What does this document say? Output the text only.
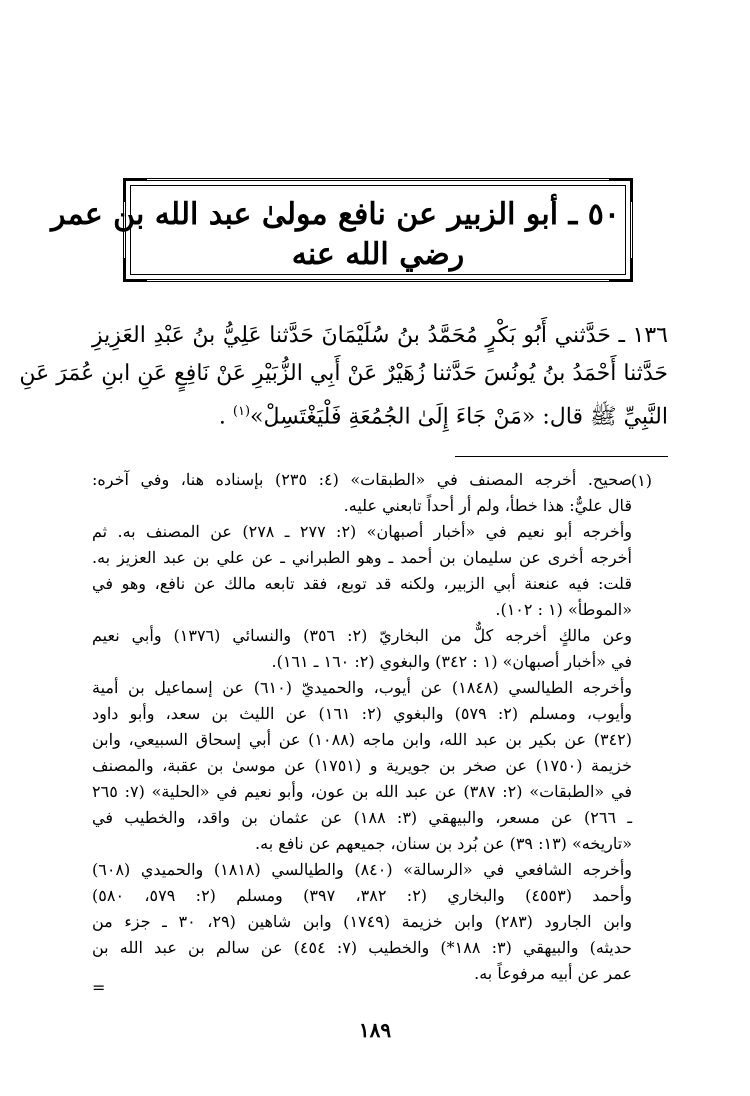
٥٠ ـ أبو الزبير عن نافع مولىٰ عبد الله بن عمر
رضي الله عنه
١٣٦ ـ حَدَّثني أَبُو بَكْرٍ مُحَمَّدُ بنُ سُلَيْمَانَ حَدَّثنا عَلِيُّ بنُ عَبْدِ العَزِيزِ
حَدَّثنا أَحْمَدُ بنُ يُونُسَ حَدَّثنا زُهَيْرٌ عَنْ أَبِي الزُّبَيْرِ عَنْ نَافِعٍ عَنِ ابنِ عُمَرَ عَنِ
النَّبِيِّ ﷺ قال: «مَنْ جَاءَ إِلَىٰ الجُمُعَةِ فَلْيَغْتَسِلْ»$^{(١)}$ .
(١)
صحيح. أخرجه المصنف في «الطبقات» (٤: ٢٣٥) بإسناده هنا، وفي آخره:
قال عليٌّ: هذا خطأ، ولم أر أحداً تابعني عليه.
وأخرجه أبو نعيم في «أخبار أصبهان» (٢: ٢٧٧ ـ ٢٧٨) عن المصنف به. ثم
أخرجه أخرى عن سليمان بن أحمد ـ وهو الطبراني ـ عن علي بن عبد العزيز به.
قلت: فيه عنعنة أبي الزبير، ولكنه قد توبع، فقد تابعه مالك عن نافع، وهو في
«الموطأ» (١ : ١٠٢).
وعن مالكٍ أخرجه كلٌّ من البخاريّ (٢: ٣٥٦) والنسائي (١٣٧٦) وأبي نعيم
في «أخبار أصبهان» (١ : ٣٤٢) والبغوي (٢: ١٦٠ ـ ١٦١).
وأخرجه الطيالسي (١٨٤٨) عن أيوب، والحميديّ (٦١٠) عن إسماعيل بن أمية
وأيوب، ومسلم (٢: ٥٧٩) والبغوي (٢: ١٦١) عن الليث بن سعد، وأبو داود
(٣٤٢) عن بكير بن عبد الله، وابن ماجه (١٠٨٨) عن أبي إسحاق السبيعي، وابن
خزيمة (١٧٥٠) عن صخر بن جويرية و (١٧٥١) عن موسىٰ بن عقبة، والمصنف
في «الطبقات» (٢: ٣٨٧) عن عبد الله بن عون، وأبو نعيم في «الحلية» (٧: ٢٦٥
ـ ٢٦٦) عن مسعر، والبيهقي (٣: ١٨٨) عن عثمان بن واقد، والخطيب في
«تاريخه» (١٣: ٣٩) عن بُرد بن سنان، جميعهم عن نافع به.
وأخرجه الشافعي في «الرسالة» (٨٤٠) والطيالسي (١٨١٨) والحميدي (٦٠٨)
وأحمد (٤٥٥٣) والبخاري (٢: ٣٨٢، ٣٩٧) ومسلم (٢: ٥٧٩، ٥٨٠)
وابن الجارود (٢٨٣) وابن خزيمة (١٧٤٩) وابن شاهين (٢٩، ٣٠ ـ جزء من
حديثه) والبيهقي (٣: ١٨٨*) والخطيب (٧: ٤٥٤) عن سالم بن عبد الله بن
عمر عن أبيه مرفوعاً به.
=
١٨٩
